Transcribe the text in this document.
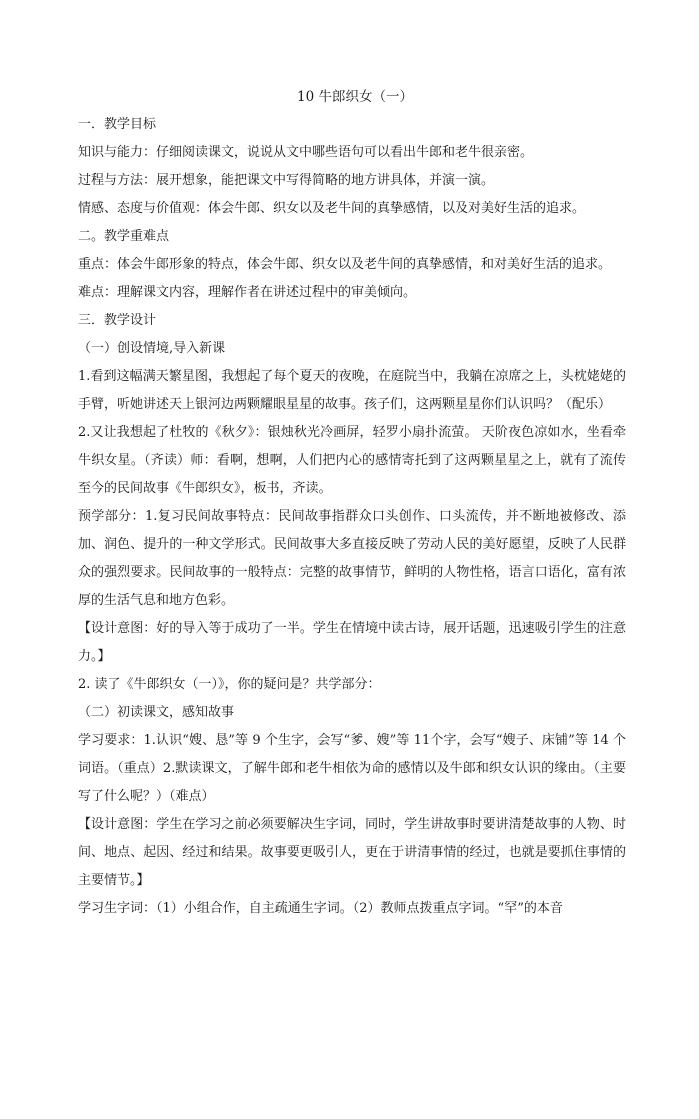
10 牛郎织女（一）

一．教学目标

知识与能力：仔细阅读课文，说说从文中哪些语句可以看出牛郎和老牛很亲密。

过程与方法：展开想象，能把课文中写得简略的地方讲具体，并演一演。

情感、态度与价值观：体会牛郎、织女以及老牛间的真挚感情，以及对美好生活的追求。

二。教学重难点

重点：体会牛郎形象的特点，体会牛郎、织女以及老牛间的真挚感情，和对美好生活的追求。

难点：理解课文内容，理解作者在讲述过程中的审美倾向。

三．教学设计

（一）创设情境,导入新课

1.看到这幅满天繁星图，我想起了每个夏天的夜晚，在庭院当中，我躺在凉席之上，头枕姥姥的手臂，听她讲述天上银河边两颗耀眼星星的故事。孩子们，这两颗星星你们认识吗？（配乐）

2.又让我想起了杜牧的《秋夕》：银烛秋光冷画屏，轻罗小扇扑流萤。 天阶夜色凉如水，坐看牵牛织女星。（齐读）师：看啊，想啊，人们把内心的感情寄托到了这两颗星星之上，就有了流传至今的民间故事《牛郎织女》，板书，齐读。

预学部分：1.复习民间故事特点：民间故事指群众口头创作、口头流传，并不断地被修改、添加、润色、提升的一种文学形式。民间故事大多直接反映了劳动人民的美好愿望，反映了人民群众的强烈要求。民间故事的一般特点：完整的故事情节，鲜明的人物性格，语言口语化，富有浓厚的生活气息和地方色彩。

【设计意图：好的导入等于成功了一半。学生在情境中读古诗，展开话题，迅速吸引学生的注意力。】

2. 读了《牛郎织女（一）》，你的疑问是？共学部分：

（二）初读课文，感知故事

学习要求：1.认识“嫂、恳”等 9 个生字，会写“爹、嫂”等 11个字，会写“嫂子、床铺”等 14 个词语。（重点）2.默读课文，了解牛郎和老牛相依为命的感情以及牛郎和织女认识的缘由。（主要写了什么呢？）（难点）

【设计意图：学生在学习之前必须要解决生字词，同时，学生讲故事时要讲清楚故事的人物、时间、地点、起因、经过和结果。故事要更吸引人，更在于讲清事情的经过，也就是要抓住事情的主要情节。】

学习生字词：（1）小组合作，自主疏通生字词。（2）教师点拨重点字词。“罕”的本音
